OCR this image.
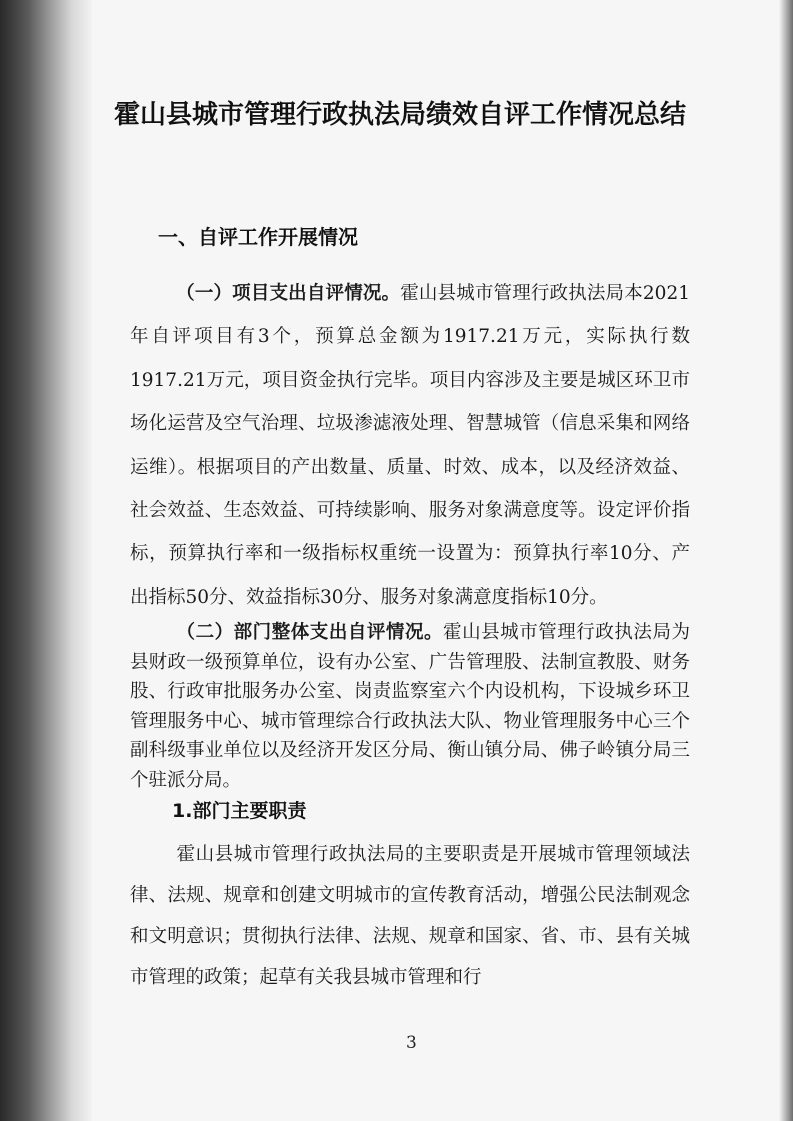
霍山县城市管理行政执法局绩效自评工作情况总结
一、自评工作开展情况

（一）项目支出自评情况。霍山县城市管理行政执法局本2021年自评项目有3个，预算总金额为1917.21万元，实际执行数1917.21万元，项目资金执行完毕。项目内容涉及主要是城区环卫市场化运营及空气治理、垃圾渗滤液处理、智慧城管（信息采集和网络运维）。根据项目的产出数量、质量、时效、成本，以及经济效益、社会效益、生态效益、可持续影响、服务对象满意度等。设定评价指标，预算执行率和一级指标权重统一设置为：预算执行率10分、产出指标50分、效益指标30分、服务对象满意度指标10分。

（二）部门整体支出自评情况。霍山县城市管理行政执法局为县财政一级预算单位，设有办公室、广告管理股、法制宣教股、财务股、行政审批服务办公室、岗责监察室六个内设机构，下设城乡环卫管理服务中心、城市管理综合行政执法大队、物业管理服务中心三个副科级事业单位以及经济开发区分局、衡山镇分局、佛子岭镇分局三个驻派分局。

1.部门主要职责

霍山县城市管理行政执法局的主要职责是开展城市管理领域法律、法规、规章和创建文明城市的宣传教育活动，增强公民法制观念和文明意识；贯彻执行法律、法规、规章和国家、省、市、县有关城市管理的政策；起草有关我县城市管理和行

3
